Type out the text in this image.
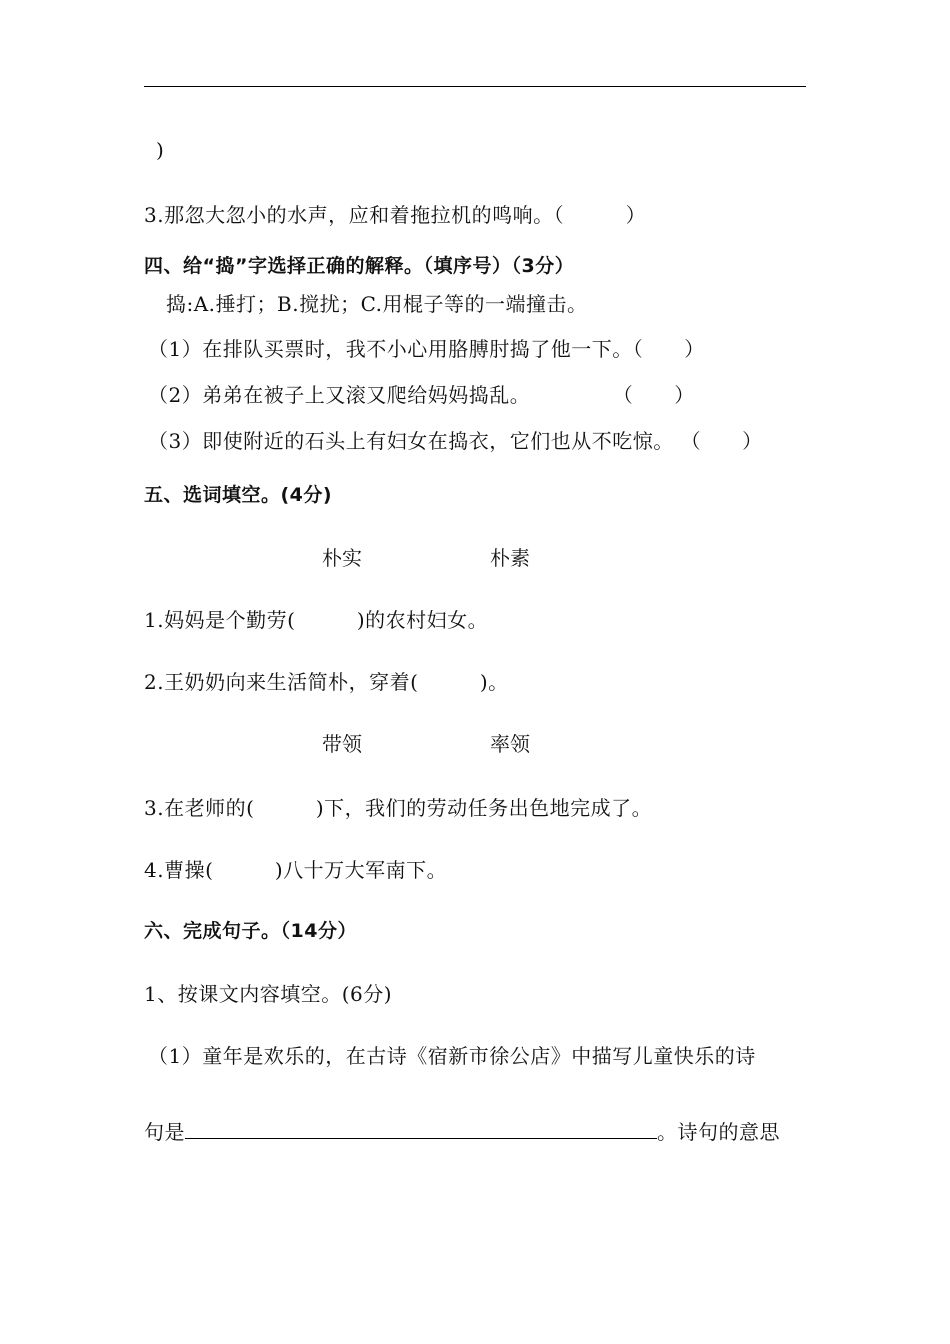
)
3.那忽大忽小的水声，应和着拖拉机的鸣响。（　　　）
四、给“捣”字选择正确的解释。（填序号）（3分）
捣:A.捶打；B.搅扰；C.用棍子等的一端撞击。
（1）在排队买票时，我不小心用胳膊肘捣了他一下。（　　）
（2）弟弟在被子上又滚又爬给妈妈捣乱。　　　　　（　　）
（3）即使附近的石头上有妇女在捣衣，它们也从不吃惊。 （　　）
五、选词填空。(4分)
朴实	朴素
1.妈妈是个勤劳(　　　)的农村妇女。
2.王奶奶向来生活简朴，穿着(　　　)。
带领	率领
3.在老师的(　　　)下，我们的劳动任务出色地完成了。
4.曹操(　　　)八十万大军南下。
六、完成句子。（14分）
1、按课文内容填空。(6分)
（1）童年是欢乐的，在古诗《宿新市徐公店》中描写儿童快乐的诗
句是	。诗句的意思
